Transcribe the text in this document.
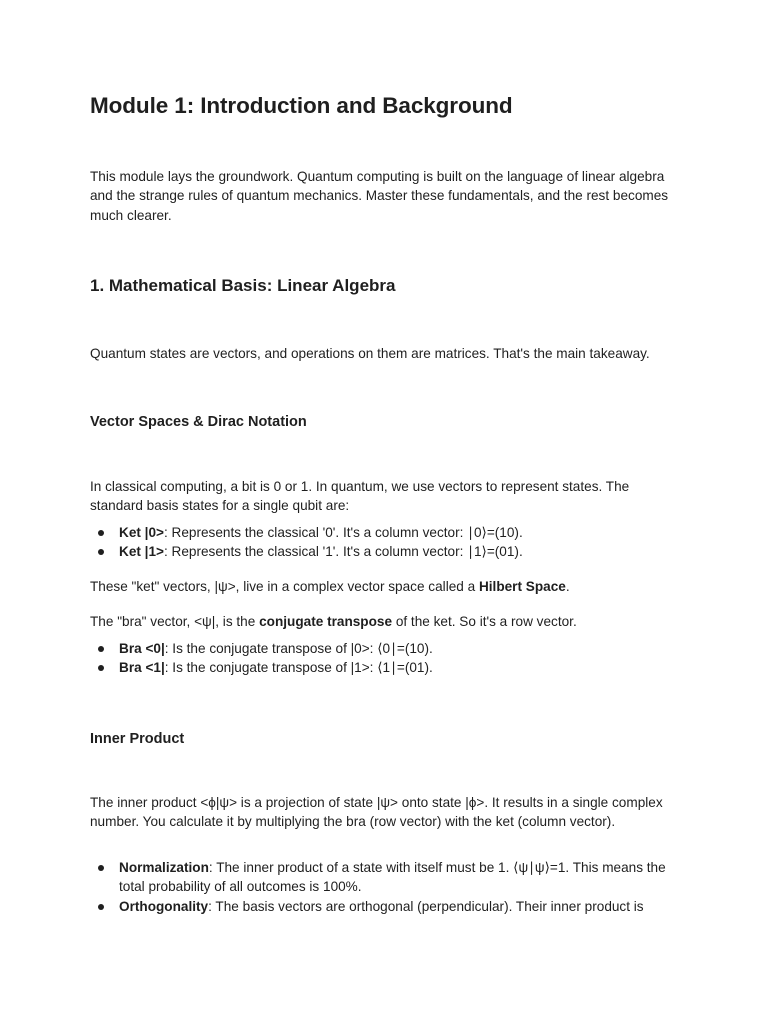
Module 1: Introduction and Background

This module lays the groundwork. Quantum computing is built on the language of linear algebra and the strange rules of quantum mechanics. Master these fundamentals, and the rest becomes much clearer.

1. Mathematical Basis: Linear Algebra

Quantum states are vectors, and operations on them are matrices. That's the main takeaway.

Vector Spaces & Dirac Notation

In classical computing, a bit is 0 or 1. In quantum, we use vectors to represent states. The standard basis states for a single qubit are:

Ket |0>: Represents the classical '0'. It's a column vector: ∣0⟩=(10).
Ket |1>: Represents the classical '1'. It's a column vector: ∣1⟩=(01).

These "ket" vectors, |ψ>, live in a complex vector space called a Hilbert Space.

The "bra" vector, <ψ|, is the conjugate transpose of the ket. So it's a row vector.

Bra <0|: Is the conjugate transpose of |0>: ⟨0∣=(10).
Bra <1|: Is the conjugate transpose of |1>: ⟨1∣=(01).
Inner Product

The inner product <ϕ|ψ> is a projection of state |ψ> onto state |ϕ>. It results in a single complex number. You calculate it by multiplying the bra (row vector) with the ket (column vector).

Normalization: The inner product of a state with itself must be 1. ⟨ψ∣ψ⟩=1. This means the total probability of all outcomes is 100%.
Orthogonality: The basis vectors are orthogonal (perpendicular). Their inner product is
